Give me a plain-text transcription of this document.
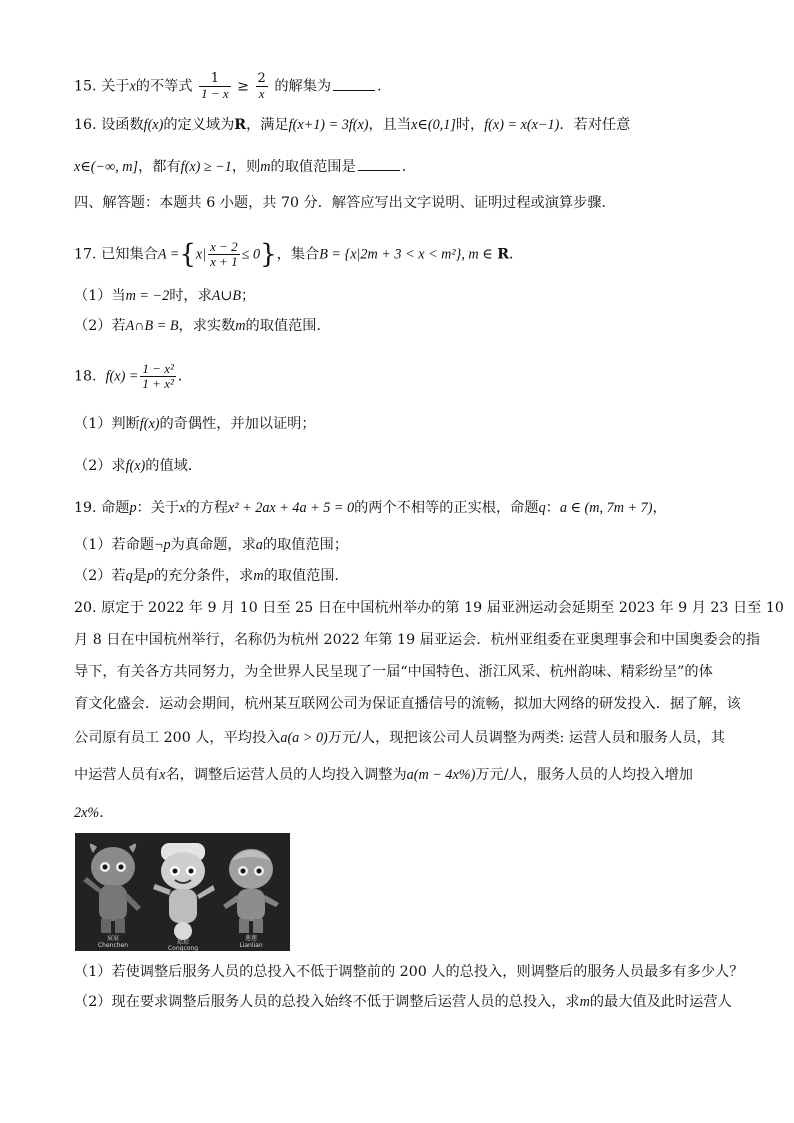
15. 关于x的不等式 $\frac{1}{1 - x} \ge \frac{2}{x}$ 的解集为	.
16. 设函数f(x)的定义域为R，满足f(x+1) = 3f(x)，且当x∈(0,1]时，f(x) = x(x−1)．若对任意
x∈(−∞, m]，都有f(x) ≥ −1，则m的取值范围是	.
四、解答题：本题共 6 小题，共 70 分．解答应写出文字说明、证明过程或演算步骤．
17. 已知集合$A =\{x| \frac{x - 2}{x + 1} \le 0\}$，集合B = {x|2m + 3 < x < m²}, m ∈ R．
（1）当m = −2时，求A∪B；
（2）若A∩B = B，求实数m的取值范围．
18. $f(x) = \frac{\text{1 − x²}}{\text{1 + x²}}$ ．
（1）判断f(x)的奇偶性，并加以证明；
（2）求f(x)的值域．
19. 命题p：关于x的方程x² + 2ax + 4a + 5 = 0的两个不相等的正实根，命题q：a ∈ (m, 7m + 7)，
（1）若命题¬p为真命题，求a的取值范围；
（2）若q是p的充分条件，求m的取值范围．
20. 原定于 2022 年 9 月 10 日至 25 日在中国杭州举办的第 19 届亚洲运动会延期至 2023 年 9 月 23 日至 10
月 8 日在中国杭州举行，名称仍为杭州 2022 年第 19 届亚运会．杭州亚组委在亚奥理事会和中国奥委会的指
导下，有关各方共同努力，为全世界人民呈现了一届“中国特色、浙江风采、杭州韵味、精彩纷呈”的体
育文化盛会．运动会期间，杭州某互联网公司为保证直播信号的流畅，拟加大网络的研发投入．据了解，该
公司原有员工 200 人，平均投入a(a > 0)万元/人，现把该公司人员调整为两类: 运营人员和服务人员，其
中运营人员有x名，调整后运营人员的人均投入调整为a(m − 4x%)万元/人，服务人员的人均投入增加
2x%．
宸宸
Chenchen	琮琮
Congcong
莲莲
Lianlian
（1）若使调整后服务人员的总投入不低于调整前的 200 人的总投入，则调整后的服务人员最多有多少人？
（2）现在要求调整后服务人员的总投入始终不低于调整后运营人员的总投入，求m的最大值及此时运营人
